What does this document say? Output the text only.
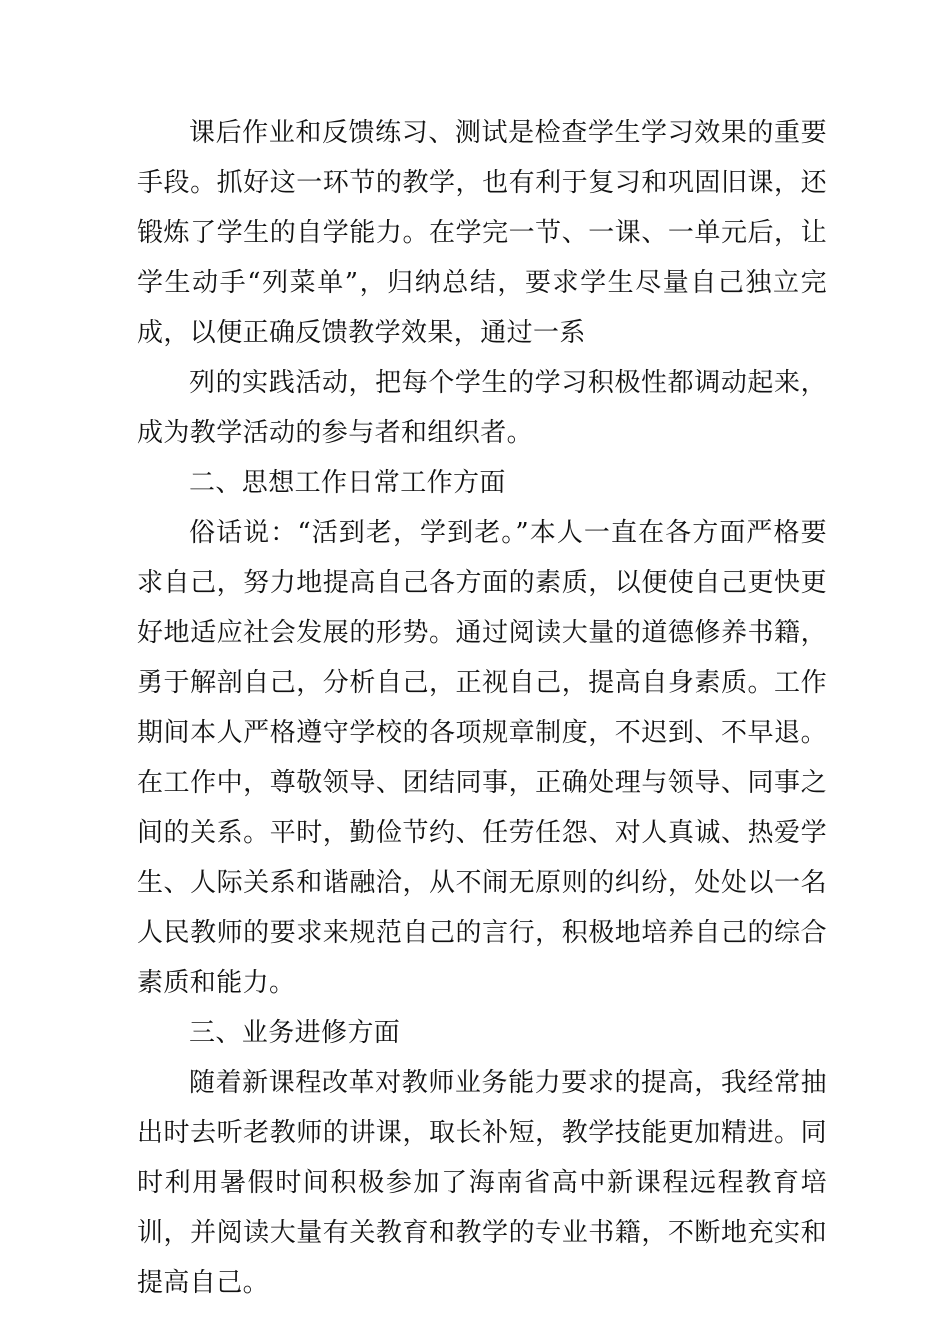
课后作业和反馈练习、测试是检查学生学习效果的重要手段。抓好这一环节的教学，也有利于复习和巩固旧课，还锻炼了学生的自学能力。在学完一节、一课、一单元后，让学生动手“列菜单”，归纳总结，要求学生尽量自己独立完成，以便正确反馈教学效果，通过一系

列的实践活动，把每个学生的学习积极性都调动起来，成为教学活动的参与者和组织者。

二、思想工作日常工作方面

俗话说：“活到老，学到老。”本人一直在各方面严格要求自己，努力地提高自己各方面的素质，以便使自己更快更好地适应社会发展的形势。通过阅读大量的道德修养书籍，勇于解剖自己，分析自己，正视自己，提高自身素质。工作期间本人严格遵守学校的各项规章制度，不迟到、不早退。在工作中，尊敬领导、团结同事，正确处理与领导、同事之间的关系。平时，勤俭节约、任劳任怨、对人真诚、热爱学生、人际关系和谐融洽，从不闹无原则的纠纷，处处以一名人民教师的要求来规范自己的言行，积极地培养自己的综合素质和能力。

三、业务进修方面

随着新课程改革对教师业务能力要求的提高，我经常抽出时去听老教师的讲课，取长补短，教学技能更加精进。同时利用暑假时间积极参加了海南省高中新课程远程教育培训，并阅读大量有关教育和教学的专业书籍，不断地充实和提高自己。
